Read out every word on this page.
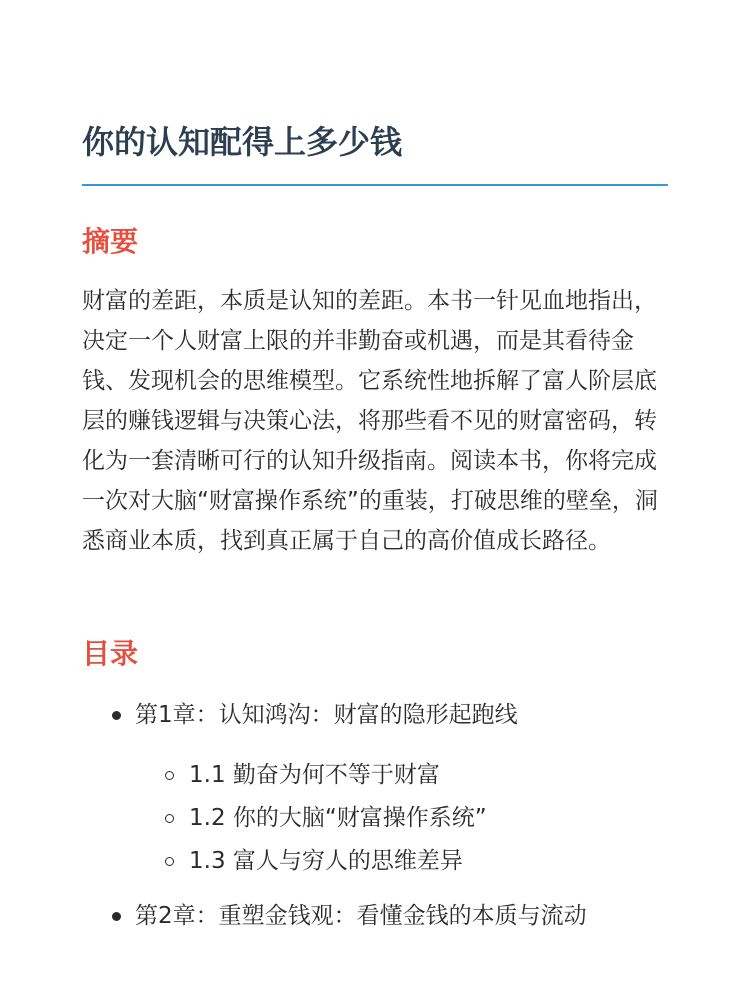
你的认知配得上多少钱
摘要

财富的差距，本质是认知的差距。本书一针见血地指出，决定一个人财富上限的并非勤奋或机遇，而是其看待金钱、发现机会的思维模型。它系统性地拆解了富人阶层底层的赚钱逻辑与决策心法，将那些看不见的财富密码，转化为一套清晰可行的认知升级指南。阅读本书，你将完成一次对大脑“财富操作系统”的重装，打破思维的壁垒，洞悉商业本质，找到真正属于自己的高价值成长路径。

目录
第1章：认知鸿沟：财富的隐形起跑线
1.1 勤奋为何不等于财富
1.2 你的大脑“财富操作系统”
1.3 富人与穷人的思维差异
第2章：重塑金钱观：看懂金钱的本质与流动
